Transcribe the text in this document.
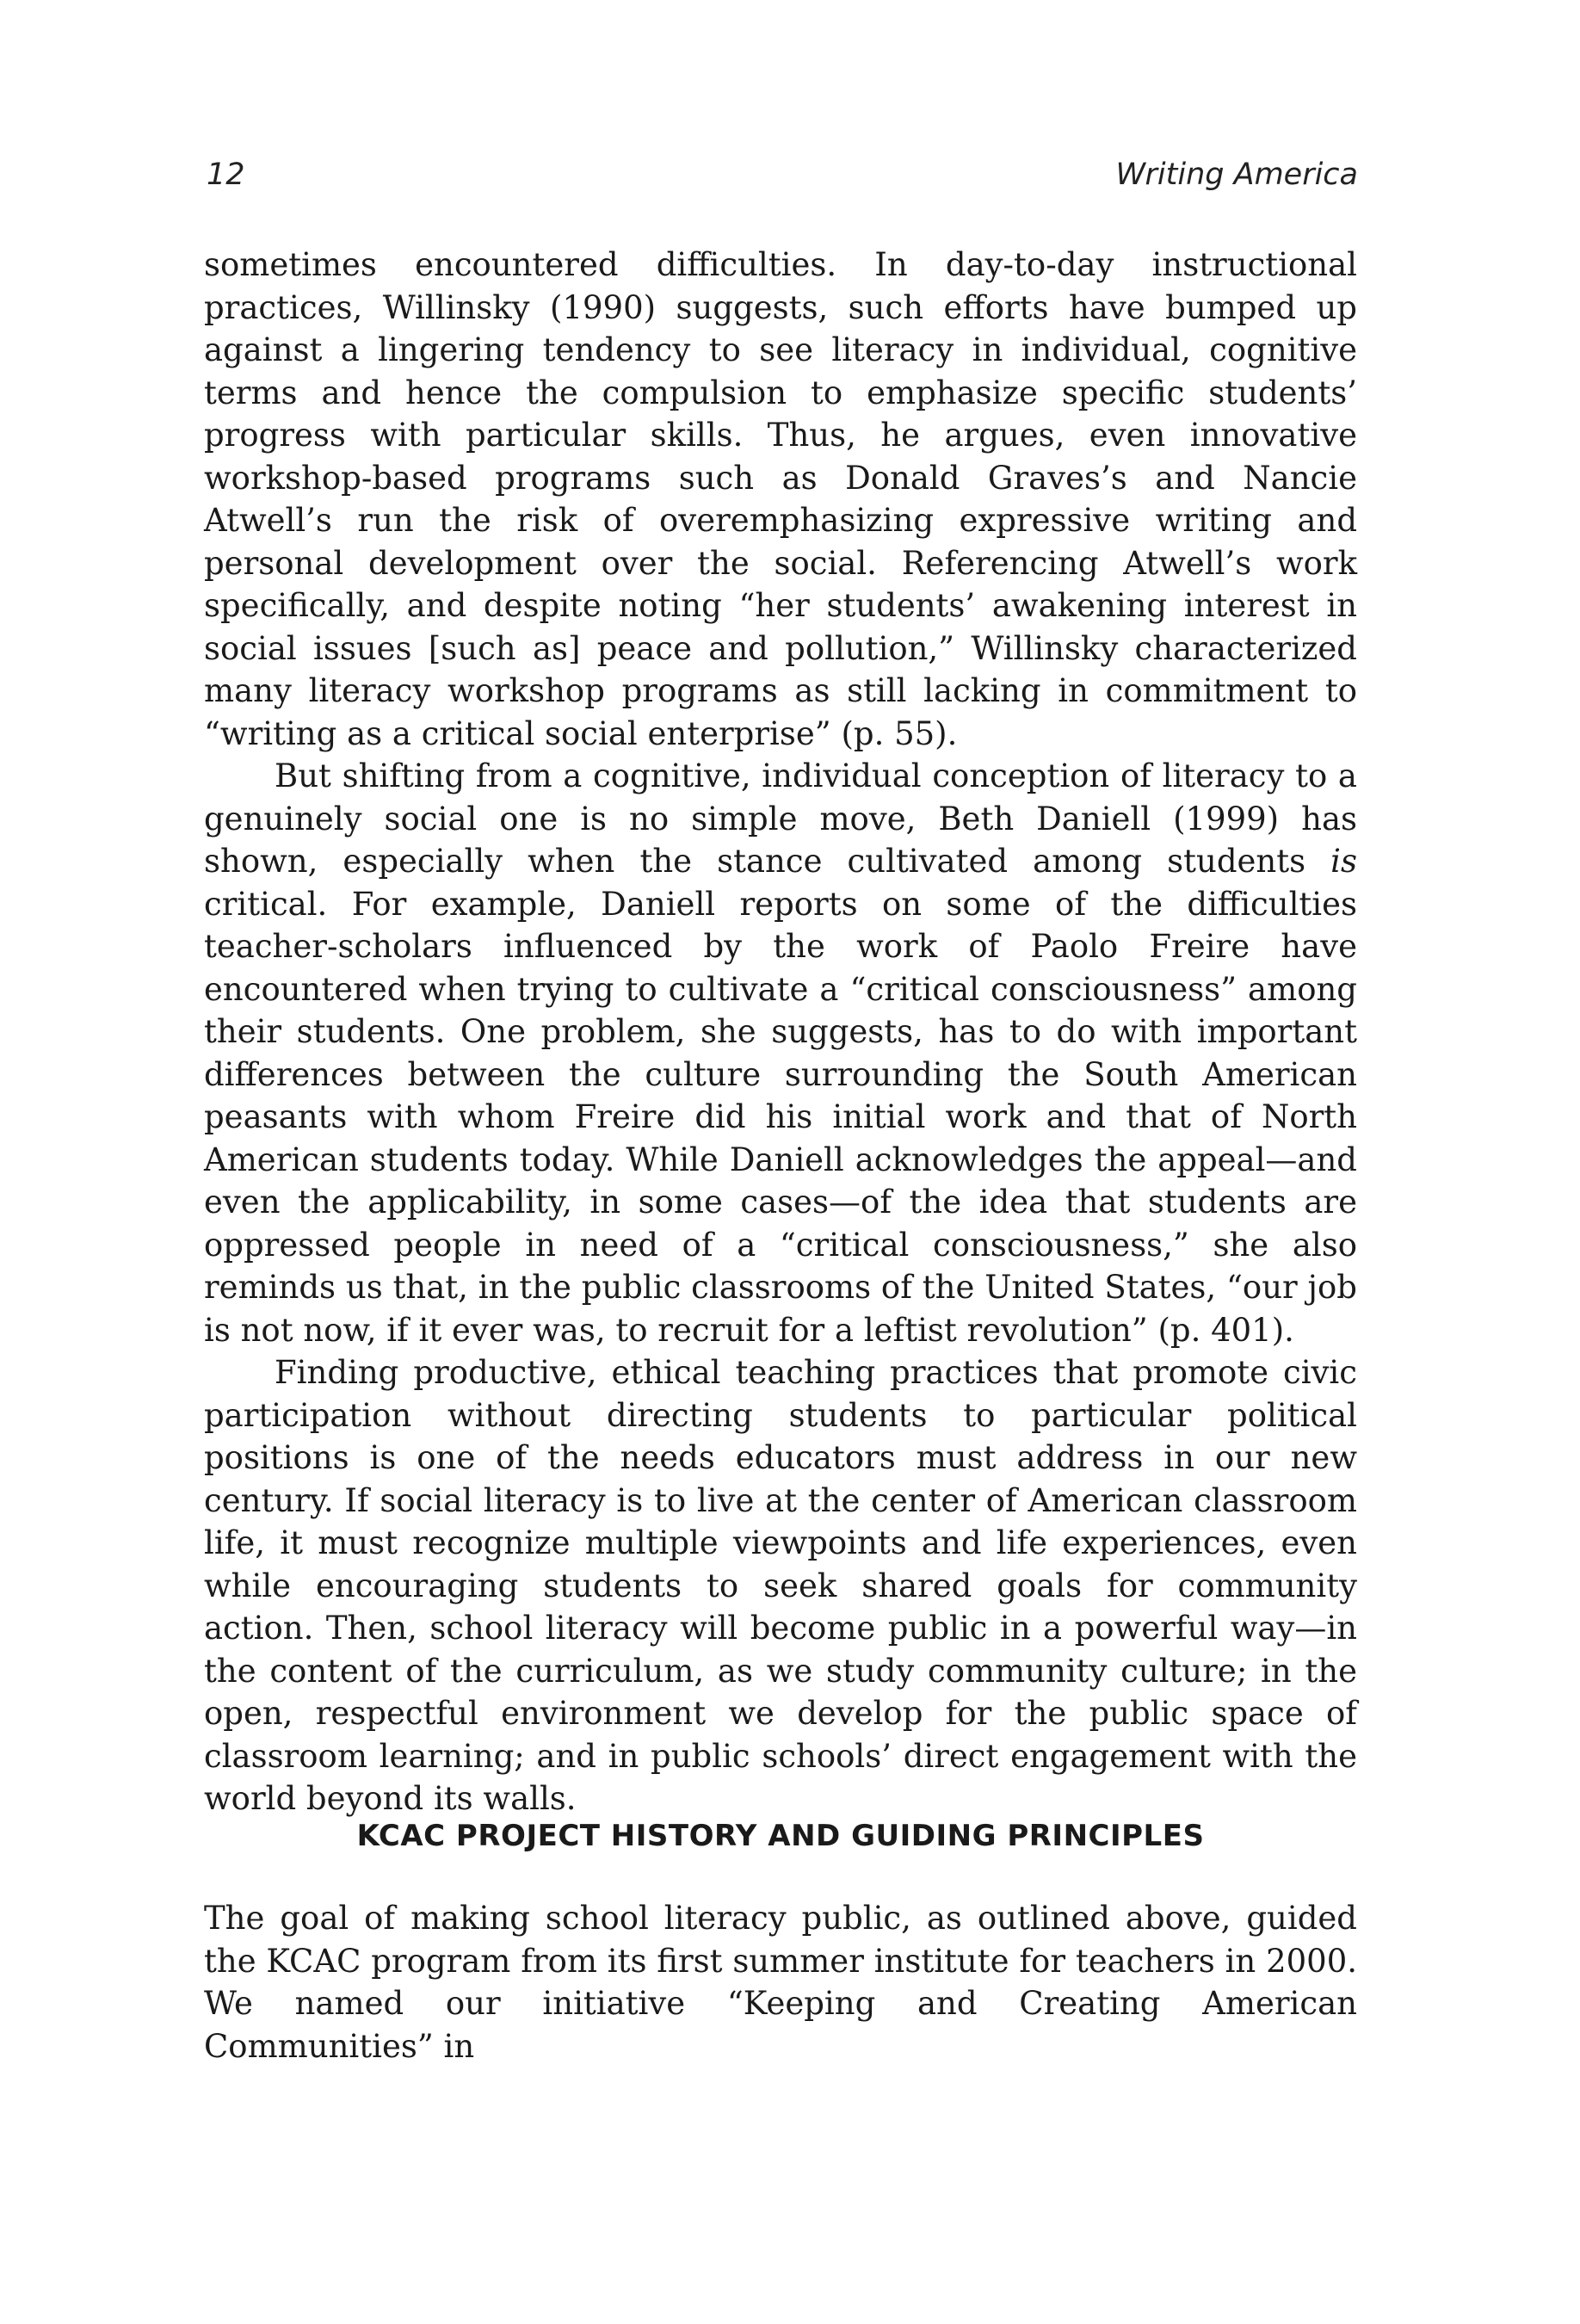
12	Writing America

sometimes encountered difficulties. In day-to-day instructional practices, Willinsky (1990) suggests, such efforts have bumped up against a lingering tendency to see literacy in individual, cognitive terms and hence the compulsion to emphasize specific students’ progress with particular skills. Thus, he argues, even innovative workshop-based programs such as Donald Graves’s and Nancie Atwell’s run the risk of overemphasizing expressive writing and personal development over the social. Referencing Atwell’s work specifically, and despite noting “her students’ awakening interest in social issues [such as] peace and pollution,” Willinsky characterized many literacy workshop programs as still lacking in commitment to “writing as a critical social enterprise” (p. 55).

But shifting from a cognitive, individual conception of literacy to a genuinely social one is no simple move, Beth Daniell (1999) has shown, especially when the stance cultivated among students is critical. For example, Daniell reports on some of the difficulties teacher-scholars influenced by the work of Paolo Freire have encountered when trying to cultivate a “critical consciousness” among their students. One problem, she suggests, has to do with important differences between the culture surrounding the South American peasants with whom Freire did his initial work and that of North American students today. While Daniell acknowledges the appeal—and even the applicability, in some cases—of the idea that students are oppressed people in need of a “critical consciousness,” she also reminds us that, in the public classrooms of the United States, “our job is not now, if it ever was, to recruit for a leftist revolution” (p. 401).

Finding productive, ethical teaching practices that promote civic participation without directing students to particular political positions is one of the needs educators must address in our new century. If social literacy is to live at the center of American classroom life, it must recognize multiple viewpoints and life experiences, even while encouraging students to seek shared goals for community action. Then, school literacy will become public in a powerful way—in the content of the curriculum, as we study community culture; in the open, respectful environment we develop for the public space of classroom learning; and in public schools’ direct engagement with the world beyond its walls.

KCAC PROJECT HISTORY AND GUIDING PRINCIPLES

The goal of making school literacy public, as outlined above, guided the KCAC program from its first summer institute for teachers in 2000. We named our initiative “Keeping and Creating American Communities” in
